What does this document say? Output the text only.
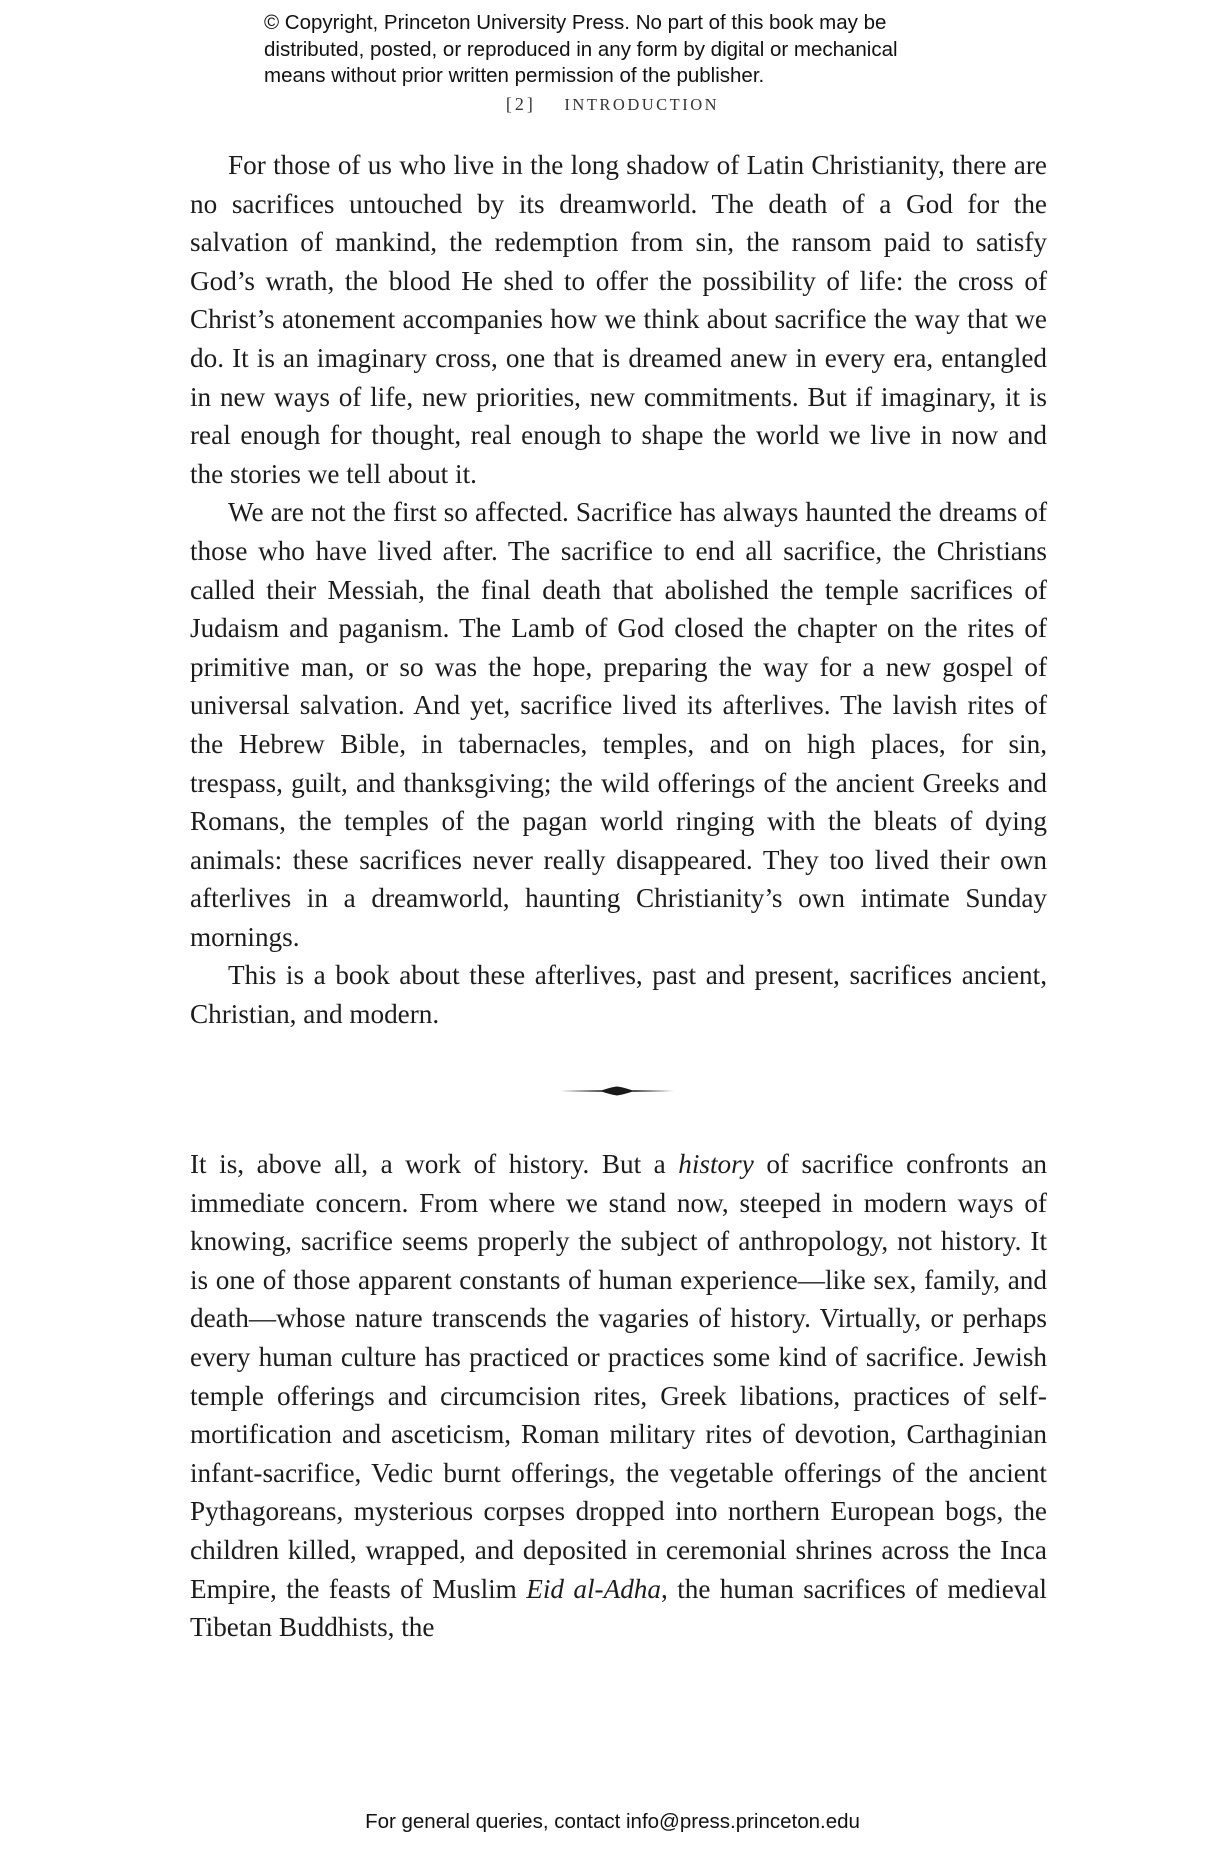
© Copyright, Princeton University Press. No part of this book may be
distributed, posted, or reproduced in any form by digital or mechanical
means without prior written permission of the publisher.
[2] INTRODUCTION

For those of us who live in the long shadow of Latin Christianity, there are no sacrifices untouched by its dreamworld. The death of a God for the salvation of mankind, the redemption from sin, the ransom paid to satisfy God’s wrath, the blood He shed to offer the possibility of life: the cross of Christ’s atonement accompanies how we think about sacrifice the way that we do. It is an imaginary cross, one that is dreamed anew in every era, entangled in new ways of life, new priorities, new commitments. But if imaginary, it is real enough for thought, real enough to shape the world we live in now and the stories we tell about it.

We are not the first so affected. Sacrifice has always haunted the dreams of those who have lived after. The sacrifice to end all sacrifice, the Christians called their Messiah, the final death that abolished the temple sacrifices of Judaism and paganism. The Lamb of God closed the chapter on the rites of primitive man, or so was the hope, preparing the way for a new gospel of universal salvation. And yet, sacrifice lived its afterlives. The lavish rites of the Hebrew Bible, in tabernacles, temples, and on high places, for sin, trespass, guilt, and thanksgiving; the wild offerings of the ancient Greeks and Romans, the temples of the pagan world ringing with the bleats of dying animals: these sacrifices never really disappeared. They too lived their own afterlives in a dreamworld, haunting Christianity’s own intimate Sunday mornings.

This is a book about these afterlives, past and present, sacrifices ancient, Christian, and modern.

It is, above all, a work of history. But a history of sacrifice confronts an immediate concern. From where we stand now, steeped in modern ways of knowing, sacrifice seems properly the subject of anthropology, not history. It is one of those apparent constants of human experience—like sex, family, and death—whose nature transcends the vagaries of history. Virtually, or perhaps every human culture has practiced or practices some kind of sacrifice. Jewish temple offerings and circumcision rites, Greek libations, practices of self-mortification and asceticism, Roman military rites of devotion, Carthaginian infant-sacrifice, Vedic burnt offerings, the vegetable offerings of the ancient Pythagoreans, mysterious corpses dropped into northern European bogs, the children killed, wrapped, and deposited in ceremonial shrines across the Inca Empire, the feasts of Muslim Eid al-Adha, the human sacrifices of medieval Tibetan Buddhists, the

For general queries, contact info@press.princeton.edu
